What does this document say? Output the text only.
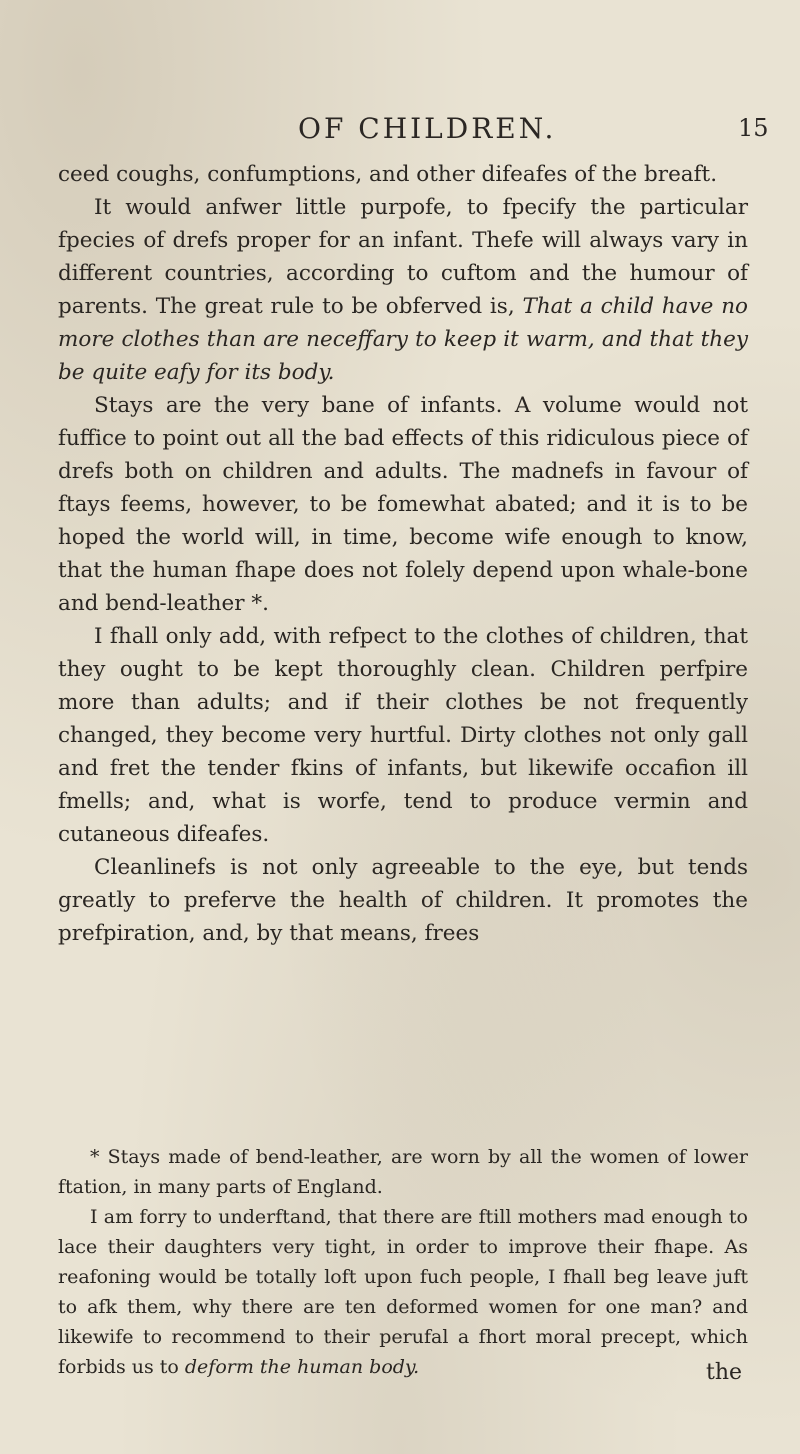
OF CHILDREN.	15

ceed coughs, confumptions, and other difeafes of the breaft.

It would anfwer little purpofe, to fpecify the particular fpecies of drefs proper for an infant. Thefe will always vary in different countries, according to cuftom and the humour of parents. The great rule to be obferved is, That a child have no more clothes than are neceffary to keep it warm, and that they be quite eafy for its body.

Stays are the very bane of infants. A volume would not fuffice to point out all the bad effects of this ridiculous piece of drefs both on children and adults. The madnefs in favour of ftays feems, however, to be fomewhat abated; and it is to be hoped the world will, in time, become wife enough to know, that the human fhape does not folely depend upon whale-bone and bend-leather *.

I fhall only add, with refpect to the clothes of children, that they ought to be kept thoroughly clean. Children perfpire more than adults; and if their clothes be not frequently changed, they become very hurtful. Dirty clothes not only gall and fret the tender fkins of infants, but likewife occafion ill fmells; and, what is worfe, tend to produce vermin and cutaneous difeafes.

Cleanlinefs is not only agreeable to the eye, but tends greatly to preferve the health of children. It promotes the prefpiration, and, by that means, frees

* Stays made of bend-leather, are worn by all the women of lower ftation, in many parts of England.

I am forry to underftand, that there are ftill mothers mad enough to lace their daughters very tight, in order to improve their fhape. As reafoning would be totally loft upon fuch people, I fhall beg leave juft to afk them, why there are ten deformed women for one man? and likewife to recommend to their perufal a fhort moral precept, which forbids us to deform the human body.	the
